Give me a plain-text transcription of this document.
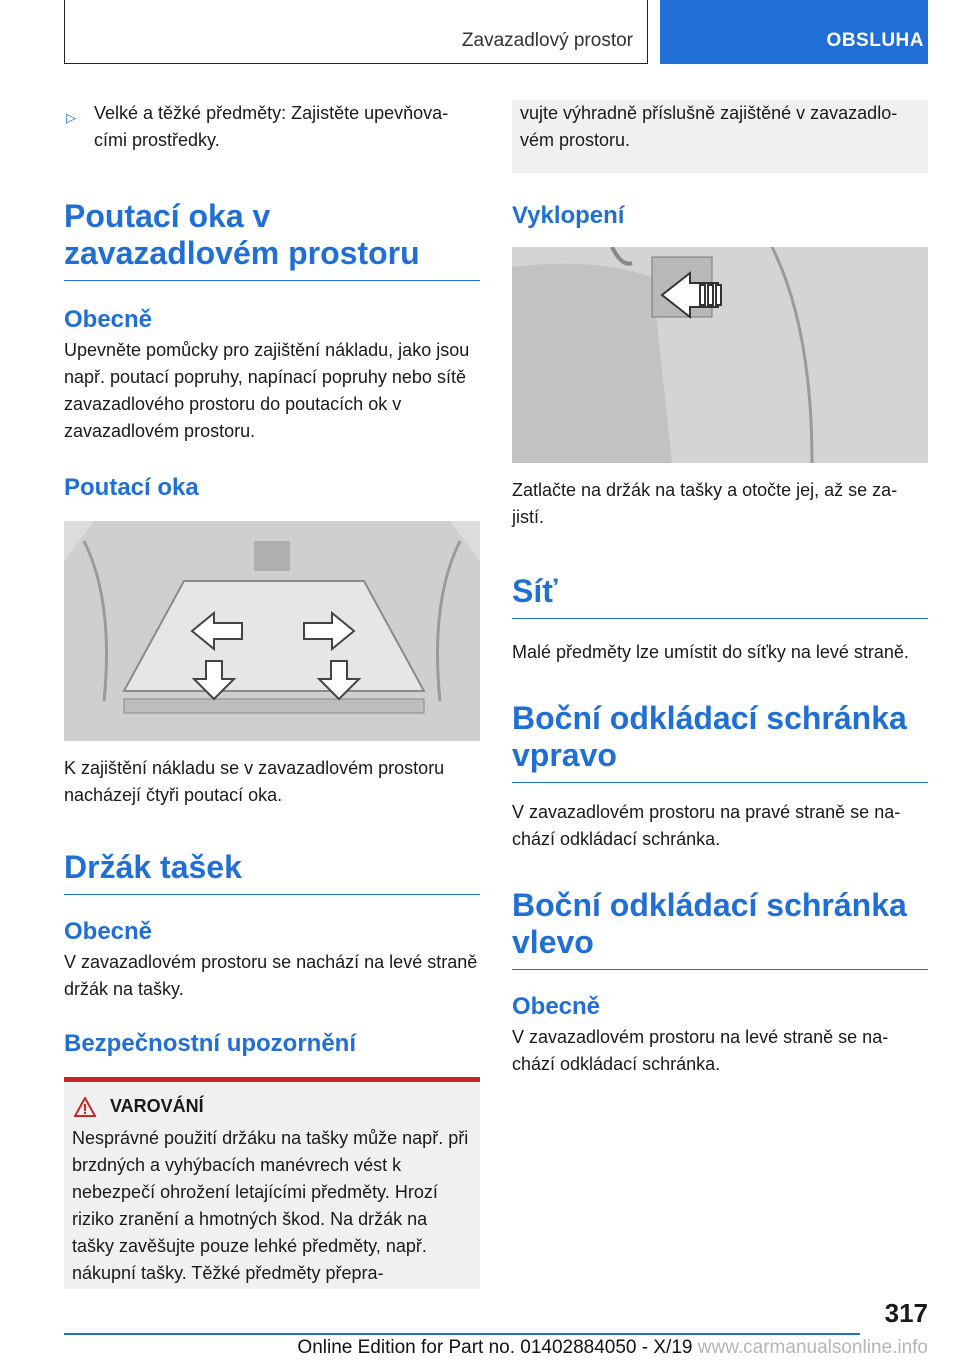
Zavazadlový prostor	OBSLUHA

▷ Velké a těžké předměty: Zajistěte upevňova‐cími prostředky.

Poutací oka v zavazadlovém prostoru
Obecně

Upevněte pomůcky pro zajištění nákladu, jako jsou např. poutací popruhy, napínací popruhy nebo sítě zavazadlového prostoru do poutacích ok v zavazadlovém prostoru.

Poutací oka

K zajištění nákladu se v zavazadlovém prostoru nacházejí čtyři poutací oka.

Držák tašek
Obecně

V zavazadlovém prostoru se nachází na levé straně držák na tašky.

Bezpečnostní upozornění

VAROVÁNÍ

Nesprávné použití držáku na tašky může např. při brzdných a vyhýbacích manévrech vést k nebezpečí ohrožení letajícími předměty. Hrozí riziko zranění a hmotných škod. Na držák na tašky zavěšujte pouze lehké předměty, např. nákupní tašky. Těžké předměty přepra‐

vujte výhradně příslušně zajištěné v zavazadlo‐vém prostoru.

Vyklopení

Zatlačte na držák na tašky a otočte jej, až se za‐jistí.

Síť

Malé předměty lze umístit do síťky na levé straně.

Boční odkládací schránka vpravo

V zavazadlovém prostoru na pravé straně se na‐chází odkládací schránka.

Boční odkládací schránka vlevo
Obecně

V zavazadlovém prostoru na levé straně se na‐chází odkládací schránka.

317
Online Edition for Part no. 01402884050 - X/19 www.carmanualsonline.info
